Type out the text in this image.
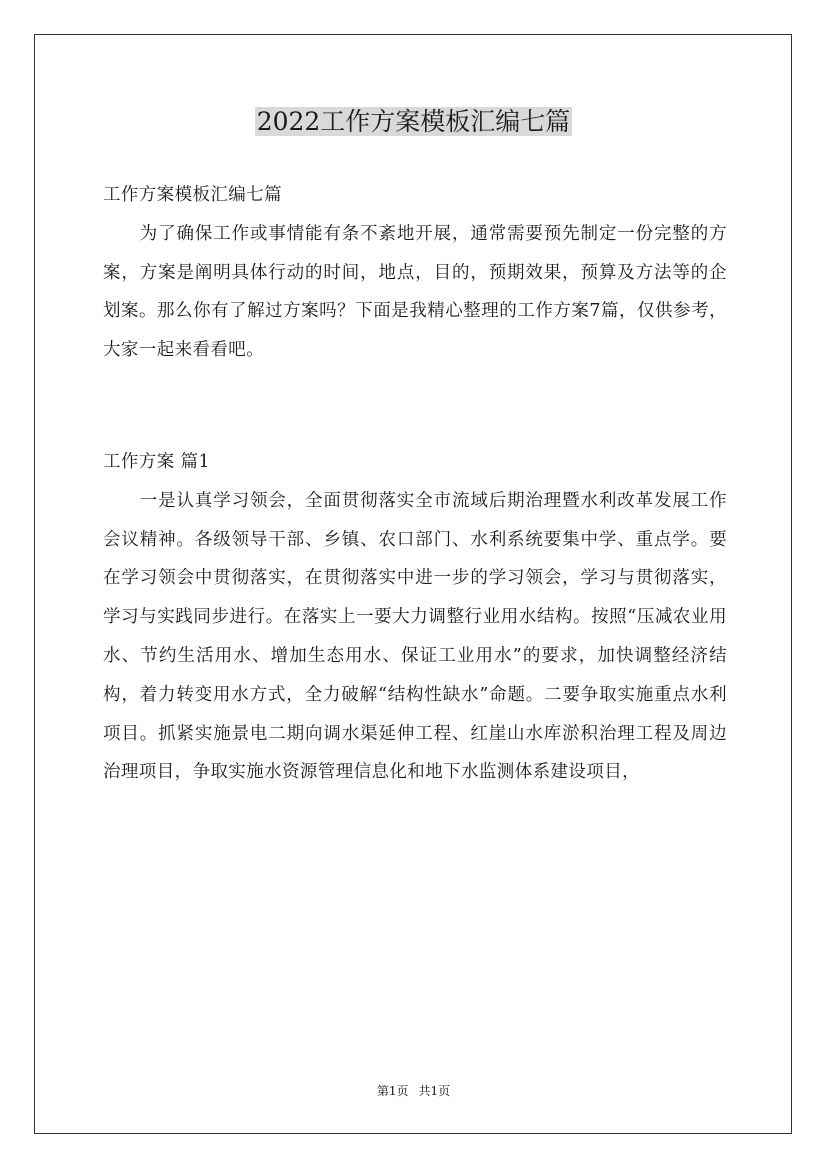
2022工作方案模板汇编七篇

工作方案模板汇编七篇

为了确保工作或事情能有条不紊地开展，通常需要预先制定一份完整的方案，方案是阐明具体行动的时间，地点，目的，预期效果，预算及方法等的企划案。那么你有了解过方案吗？下面是我精心整理的工作方案7篇，仅供参考，大家一起来看看吧。

工作方案 篇1

一是认真学习领会，全面贯彻落实全市流域后期治理暨水利改革发展工作会议精神。各级领导干部、乡镇、农口部门、水利系统要集中学、重点学。要在学习领会中贯彻落实，在贯彻落实中进一步的学习领会，学习与贯彻落实，学习与实践同步进行。在落实上一要大力调整行业用水结构。按照“压减农业用水、节约生活用水、增加生态用水、保证工业用水”的要求，加快调整经济结构，着力转变用水方式，全力破解“结构性缺水”命题。二要争取实施重点水利项目。抓紧实施景电二期向调水渠延伸工程、红崖山水库淤积治理工程及周边治理项目，争取实施水资源管理信息化和地下水监测体系建设项目，

第1页 共1页
